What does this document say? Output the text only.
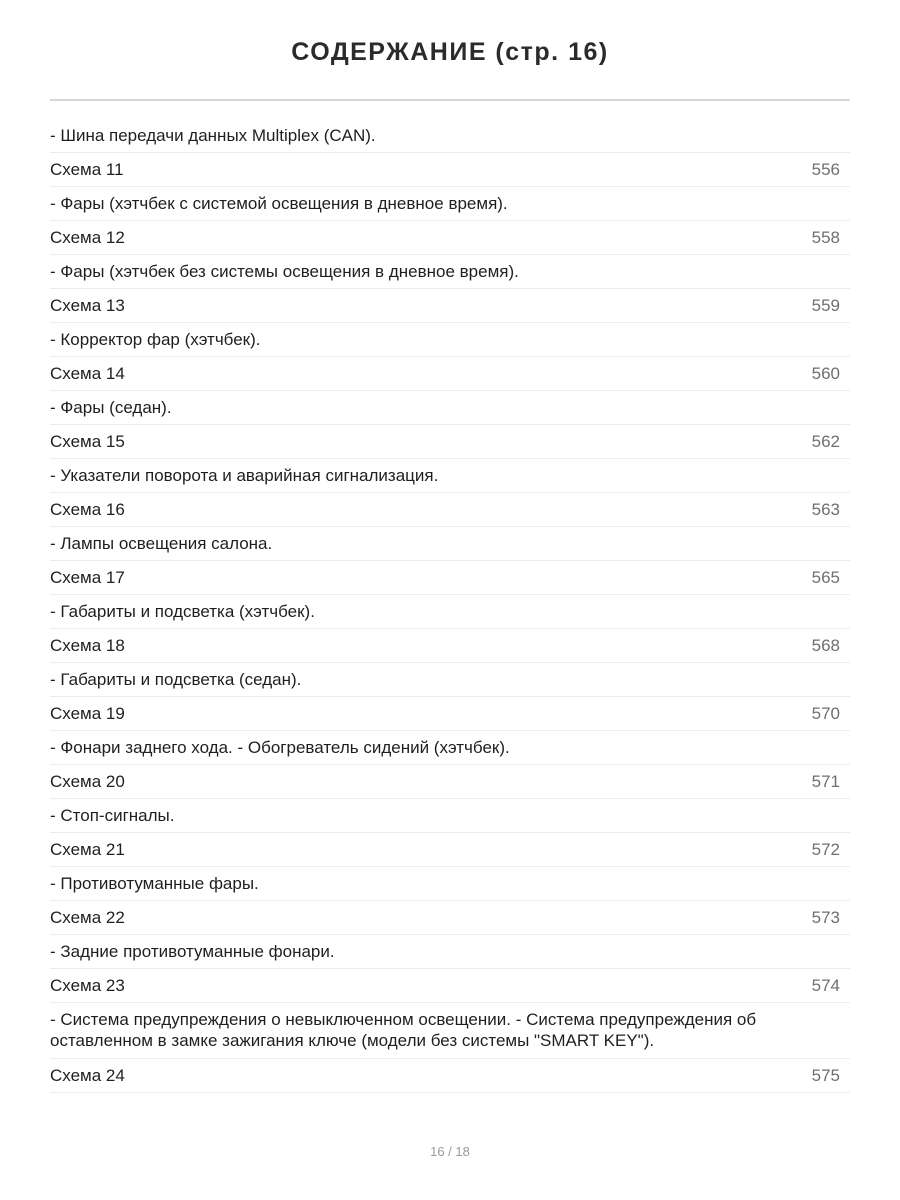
СОДЕРЖАНИЕ (стр. 16)
- Шина передачи данных Multiplex (CAN).
Схема 11	556
- Фары (хэтчбек с системой освещения в дневное время).
Схема 12	558
- Фары (хэтчбек без системы освещения в дневное время).
Схема 13	559
- Корректор фар (хэтчбек).
Схема 14	560
- Фары (седан).
Схема 15	562
- Указатели поворота и аварийная сигнализация.
Схема 16	563
- Лампы освещения салона.
Схема 17	565
- Габариты и подсветка (хэтчбек).
Схема 18	568
- Габариты и подсветка (седан).
Схема 19	570
- Фонари заднего хода. - Обогреватель сидений (хэтчбек).
Схема 20	571
- Стоп-сигналы.
Схема 21	572
- Противотуманные фары.
Схема 22	573
- Задние противотуманные фонари.
Схема 23	574
- Система предупреждения о невыключенном освещении. - Система предупреждения об оставленном в замке зажигания ключе (модели без системы "SMART KEY").
Схема 24	575
16 / 18
